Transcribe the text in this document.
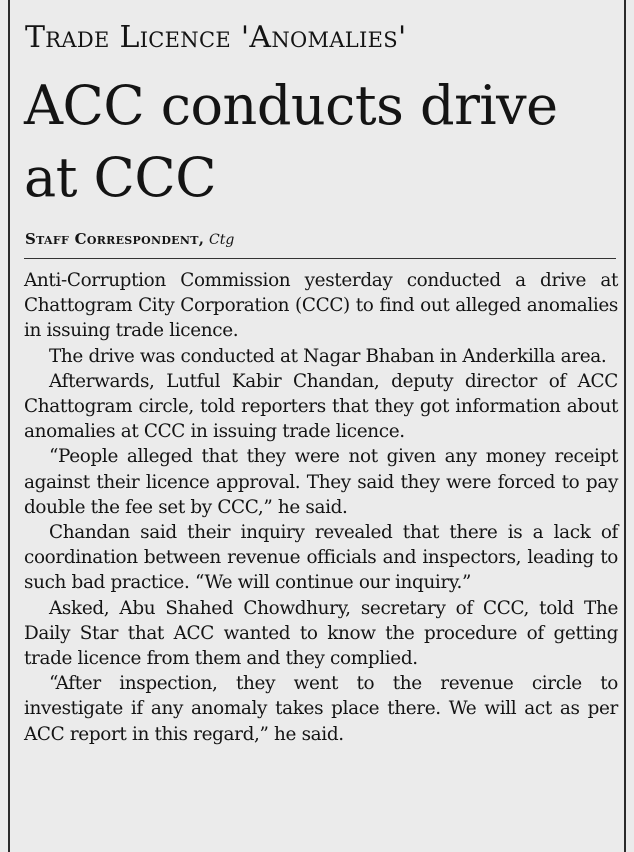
Trade Licence 'Anomalies'
ACC conducts drive at CCC
Staff Correspondent, Ctg

Anti-Corruption Commission yesterday conducted a drive at Chattogram City Corporation (CCC) to find out alleged anomalies in issuing trade licence.

The drive was conducted at Nagar Bhaban in Anderkilla area.

Afterwards, Lutful Kabir Chandan, deputy director of ACC Chattogram circle, told reporters that they got information about anomalies at CCC in issuing trade licence.

“People alleged that they were not given any money receipt against their licence approval. They said they were forced to pay double the fee set by CCC,” he said.

Chandan said their inquiry revealed that there is a lack of coordination between revenue officials and inspectors, leading to such bad practice. “We will continue our inquiry.”

Asked, Abu Shahed Chowdhury, secretary of CCC, told The Daily Star that ACC wanted to know the procedure of getting trade licence from them and they complied.

“After inspection, they went to the revenue circle to investigate if any anomaly takes place there. We will act as per ACC report in this regard,” he said.
